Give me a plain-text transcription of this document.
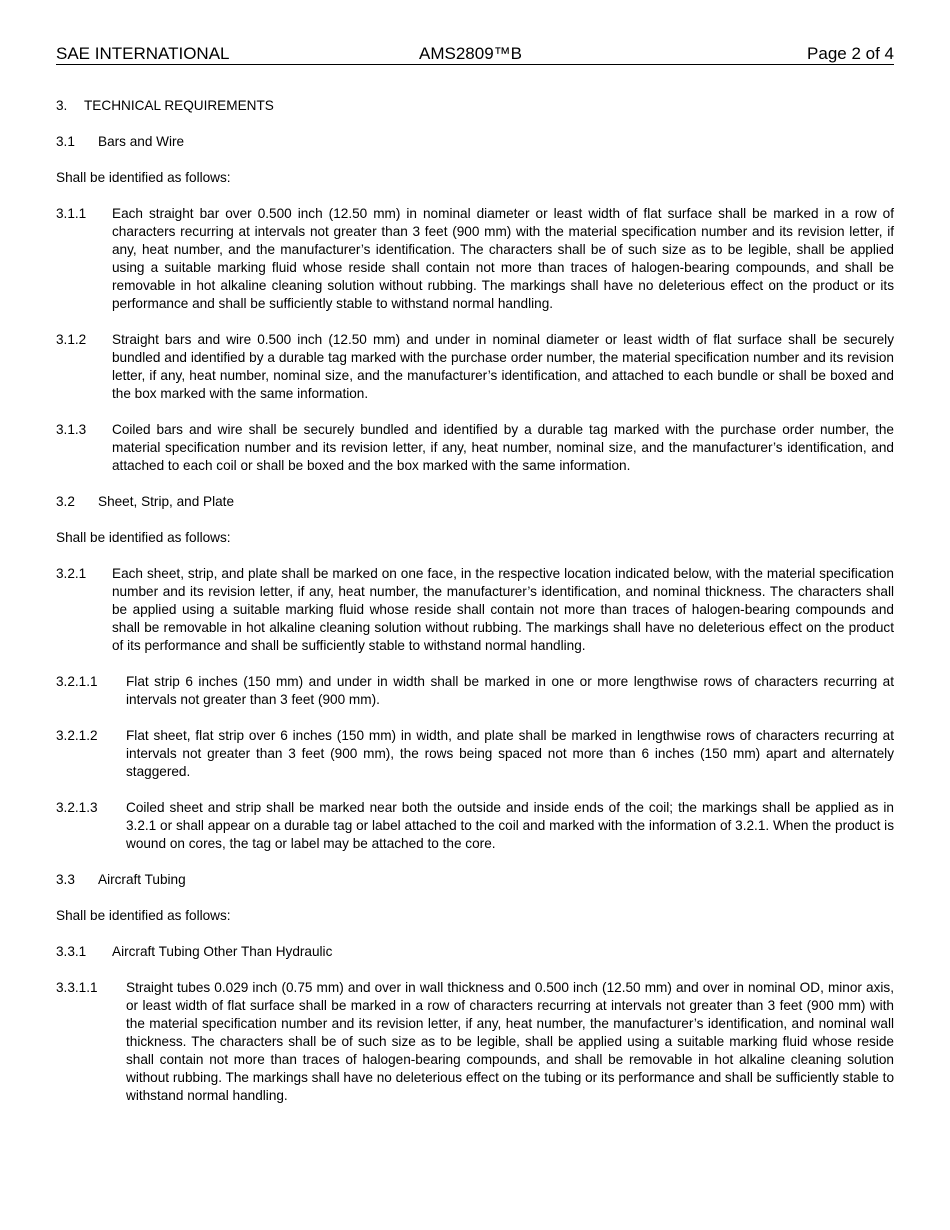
SAE INTERNATIONAL	AMS2809™B	Page 2 of 4
3.	TECHNICAL REQUIREMENTS
3.1	Bars and Wire

Shall be identified as follows:

3.1.1	Each straight bar over 0.500 inch (12.50 mm) in nominal diameter or least width of flat surface shall be marked in a row of characters recurring at intervals not greater than 3 feet (900 mm) with the material specification number and its revision letter, if any, heat number, and the manufacturer’s identification. The characters shall be of such size as to be legible, shall be applied using a suitable marking fluid whose reside shall contain not more than traces of halogen-bearing compounds, and shall be removable in hot alkaline cleaning solution without rubbing. The markings shall have no deleterious effect on the product or its performance and shall be sufficiently stable to withstand normal handling.
3.1.2	Straight bars and wire 0.500 inch (12.50 mm) and under in nominal diameter or least width of flat surface shall be securely bundled and identified by a durable tag marked with the purchase order number, the material specification number and its revision letter, if any, heat number, nominal size, and the manufacturer’s identification, and attached to each bundle or shall be boxed and the box marked with the same information.
3.1.3	Coiled bars and wire shall be securely bundled and identified by a durable tag marked with the purchase order number, the material specification number and its revision letter, if any, heat number, nominal size, and the manufacturer’s identification, and attached to each coil or shall be boxed and the box marked with the same information.
3.2	Sheet, Strip, and Plate

Shall be identified as follows:

3.2.1	Each sheet, strip, and plate shall be marked on one face, in the respective location indicated below, with the material specification number and its revision letter, if any, heat number, the manufacturer’s identification, and nominal thickness. The characters shall be applied using a suitable marking fluid whose reside shall contain not more than traces of halogen-bearing compounds and shall be removable in hot alkaline cleaning solution without rubbing. The markings shall have no deleterious effect on the product of its performance and shall be sufficiently stable to withstand normal handling.
3.2.1.1	Flat strip 6 inches (150 mm) and under in width shall be marked in one or more lengthwise rows of characters recurring at intervals not greater than 3 feet (900 mm).
3.2.1.2	Flat sheet, flat strip over 6 inches (150 mm) in width, and plate shall be marked in lengthwise rows of characters recurring at intervals not greater than 3 feet (900 mm), the rows being spaced not more than 6 inches (150 mm) apart and alternately staggered.
3.2.1.3	Coiled sheet and strip shall be marked near both the outside and inside ends of the coil; the markings shall be applied as in 3.2.1 or shall appear on a durable tag or label attached to the coil and marked with the information of 3.2.1. When the product is wound on cores, the tag or label may be attached to the core.
3.3	Aircraft Tubing

Shall be identified as follows:

3.3.1	Aircraft Tubing Other Than Hydraulic
3.3.1.1	Straight tubes 0.029 inch (0.75 mm) and over in wall thickness and 0.500 inch (12.50 mm) and over in nominal OD, minor axis, or least width of flat surface shall be marked in a row of characters recurring at intervals not greater than 3 feet (900 mm) with the material specification number and its revision letter, if any, heat number, the manufacturer’s identification, and nominal wall thickness. The characters shall be of such size as to be legible, shall be applied using a suitable marking fluid whose reside shall contain not more than traces of halogen-bearing compounds, and shall be removable in hot alkaline cleaning solution without rubbing. The markings shall have no deleterious effect on the tubing or its performance and shall be sufficiently stable to withstand normal handling.
